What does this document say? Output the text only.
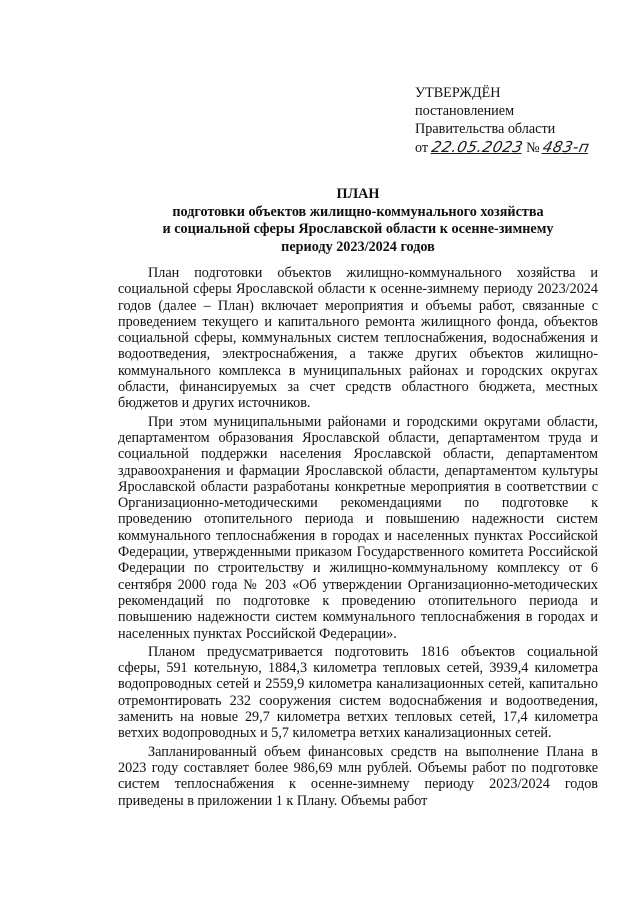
УТВЕРЖДЁН
постановлением
Правительства области
от 22.05.2023 № 483-п
ПЛАН
подготовки объектов жилищно-коммунального хозяйства
и социальной сферы Ярославской области к осенне-зимнему
периоду 2023/2024 годов

План подготовки объектов жилищно-коммунального хозяйства и социальной сферы Ярославской области к осенне-зимнему периоду 2023/2024 годов (далее – План) включает мероприятия и объемы работ, связанные с проведением текущего и капитального ремонта жилищного фонда, объектов социальной сферы, коммунальных систем теплоснабжения, водоснабжения и водоотведения, электроснабжения, а также других объектов жилищно-коммунального комплекса в муниципальных районах и городских округах области, финансируемых за счет средств областного бюджета, местных бюджетов и других источников.

При этом муниципальными районами и городскими округами области, департаментом образования Ярославской области, департаментом труда и социальной поддержки населения Ярославской области, департаментом здравоохранения и фармации Ярославской области, департаментом культуры Ярославской области разработаны конкретные мероприятия в соответствии с Организационно-методическими рекомендациями по подготовке к проведению отопительного периода и повышению надежности систем коммунального теплоснабжения в городах и населенных пунктах Российской Федерации, утвержденными приказом Государственного комитета Российской Федерации по строительству и жилищно-коммунальному комплексу от 6 сентября 2000 года № 203 «Об утверждении Организационно-методических рекомендаций по подготовке к проведению отопительного периода и повышению надежности систем коммунального теплоснабжения в городах и населенных пунктах Российской Федерации».

Планом предусматривается подготовить 1816 объектов социальной сферы, 591 котельную, 1884,3 километра тепловых сетей, 3939,4 километра водопроводных сетей и 2559,9 километра канализационных сетей, капитально отремонтировать 232 сооружения систем водоснабжения и водоотведения, заменить на новые 29,7 километра ветхих тепловых сетей, 17,4 километра ветхих водопроводных и 5,7 километра ветхих канализационных сетей.

Запланированный объем финансовых средств на выполнение Плана в 2023 году составляет более 986,69 млн рублей. Объемы работ по подготовке систем теплоснабжения к осенне-зимнему периоду 2023/2024 годов приведены в приложении 1 к Плану. Объемы работ
